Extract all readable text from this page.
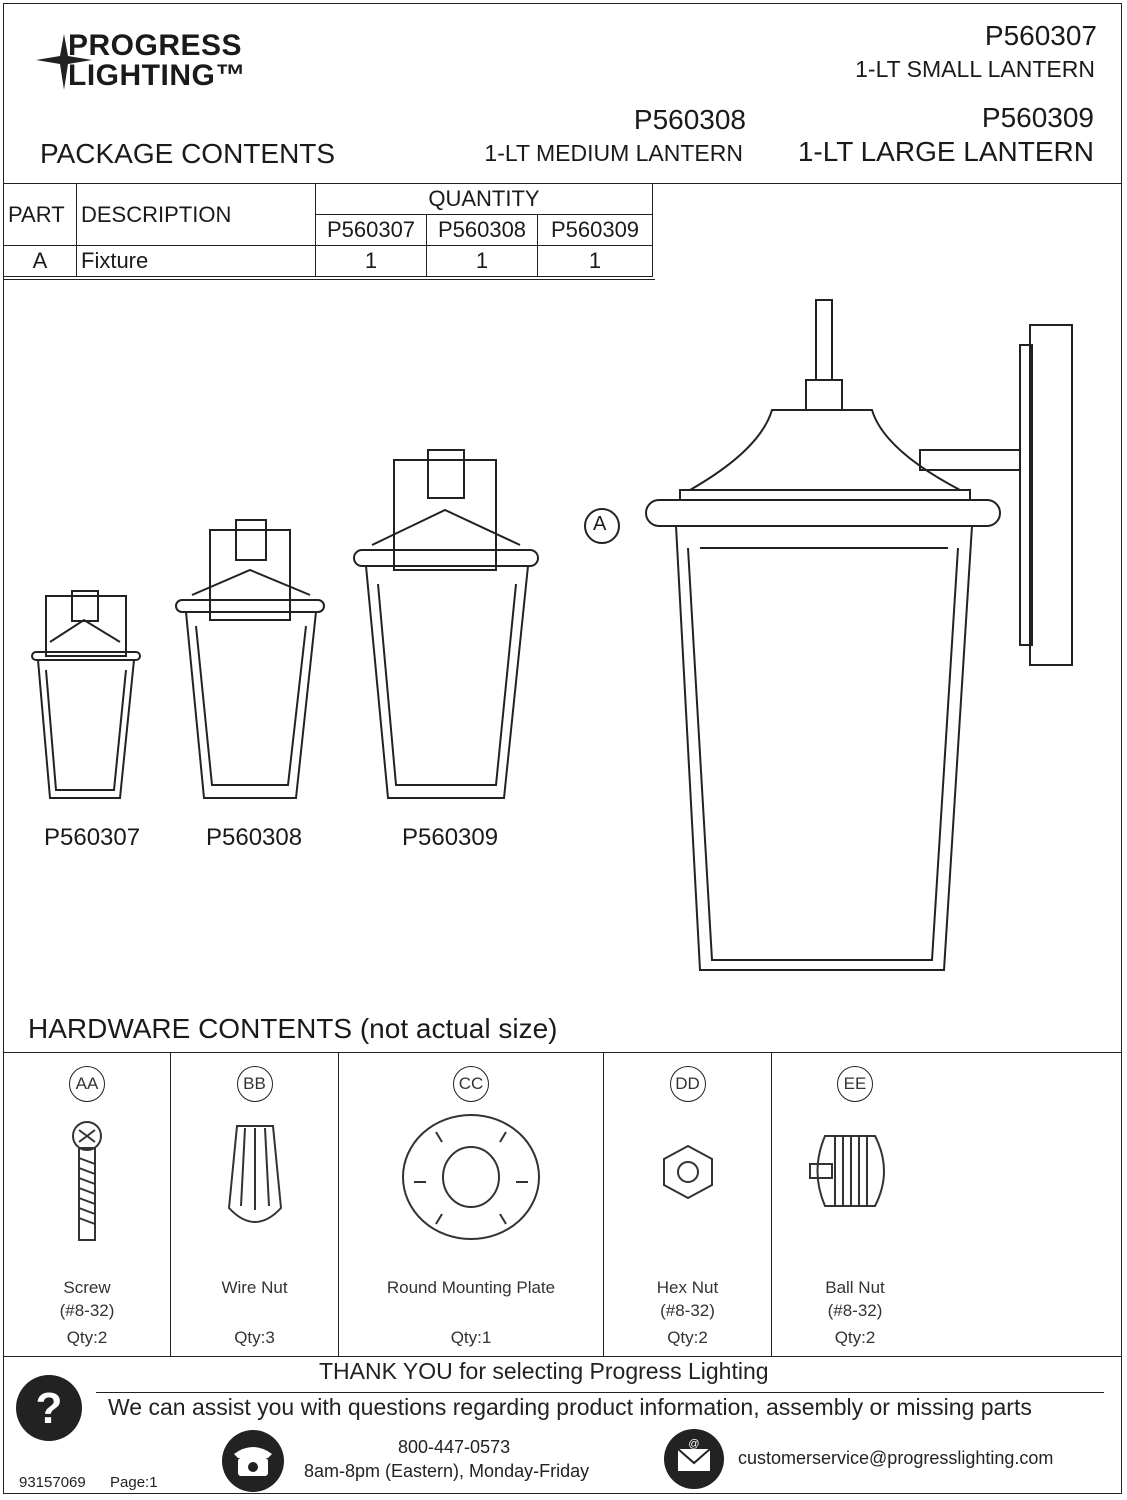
PROGRESS
LIGHTING™
P560307
1-LT SMALL LANTERN
P560308
1-LT MEDIUM LANTERN
P560309
1-LT LARGE LANTERN
PACKAGE CONTENTS
PART	DESCRIPTION	QUANTITY		
		P560307	P560308	P560309
A	Fixture	1	1	1
A
P560307	P560308	P560309
HARDWARE CONTENTS (not actual size)
AA
Screw
(#8-32)
Qty:2
BB
Wire Nut
Qty:3
CC
Round Mounting Plate
Qty:1
DD
Hex Nut
(#8-32)
Qty:2
EE
Ball Nut
(#8-32)
Qty:2
THANK YOU for selecting Progress Lighting
We can assist you with questions regarding product information, assembly or missing parts
?
800-447-0573
8am-8pm (Eastern), Monday-Friday
@
customerservice@progresslighting.com
93157069 Page:1
